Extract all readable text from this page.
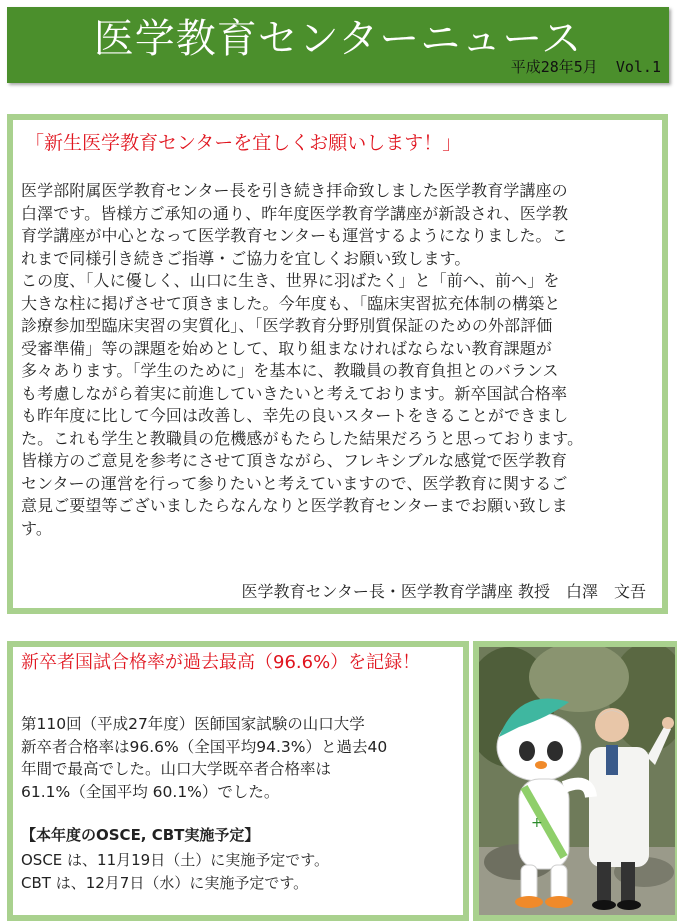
医学教育センターニュース
平成28年5月  Vol.1
「新生医学教育センターを宜しくお願いします！」
医学部附属医学教育センター長を引き続き拝命致しました医学教育学講座の
白澤です。皆様方ご承知の通り、昨年度医学教育学講座が新設され、医学教
育学講座が中心となって医学教育センターも運営するようになりました。こ
れまで同様引き続きご指導・ご協力を宜しくお願い致します。
この度、「人に優しく、山口に生き、世界に羽ばたく」と「前へ、前へ」を
大きな柱に掲げさせて頂きました。今年度も、「臨床実習拡充体制の構築と
診療参加型臨床実習の実質化」、「医学教育分野別質保証のための外部評価
受審準備」等の課題を始めとして、取り組まなければならない教育課題が
多々あります。「学生のために」を基本に、教職員の教育負担とのバランス
も考慮しながら着実に前進していきたいと考えております。新卒国試合格率
も昨年度に比して今回は改善し、幸先の良いスタートをきることができまし
た。これも学生と教職員の危機感がもたらした結果だろうと思っております。
皆様方のご意見を参考にさせて頂きながら、フレキシブルな感覚で医学教育
センターの運営を行って参りたいと考えていますので、医学教育に関するご
意見ご要望等ございましたらなんなりと医学教育センターまでお願い致しま
す。
医学教育センター長・医学教育学講座 教授　白澤　文吾
新卒者国試合格率が過去最高（96.6%）を記録！
第110回（平成27年度）医師国家試験の山口大学
新卒者合格率は96.6%（全国平均94.3%）と過去40
年間で最高でした。山口大学既卒者合格率は
61.1%（全国平均 60.1%）でした。
【本年度のOSCE, CBT実施予定】
OSCE は、11月19日（土）に実施予定です。
CBT は、12月7日（水）に実施予定です。
+
